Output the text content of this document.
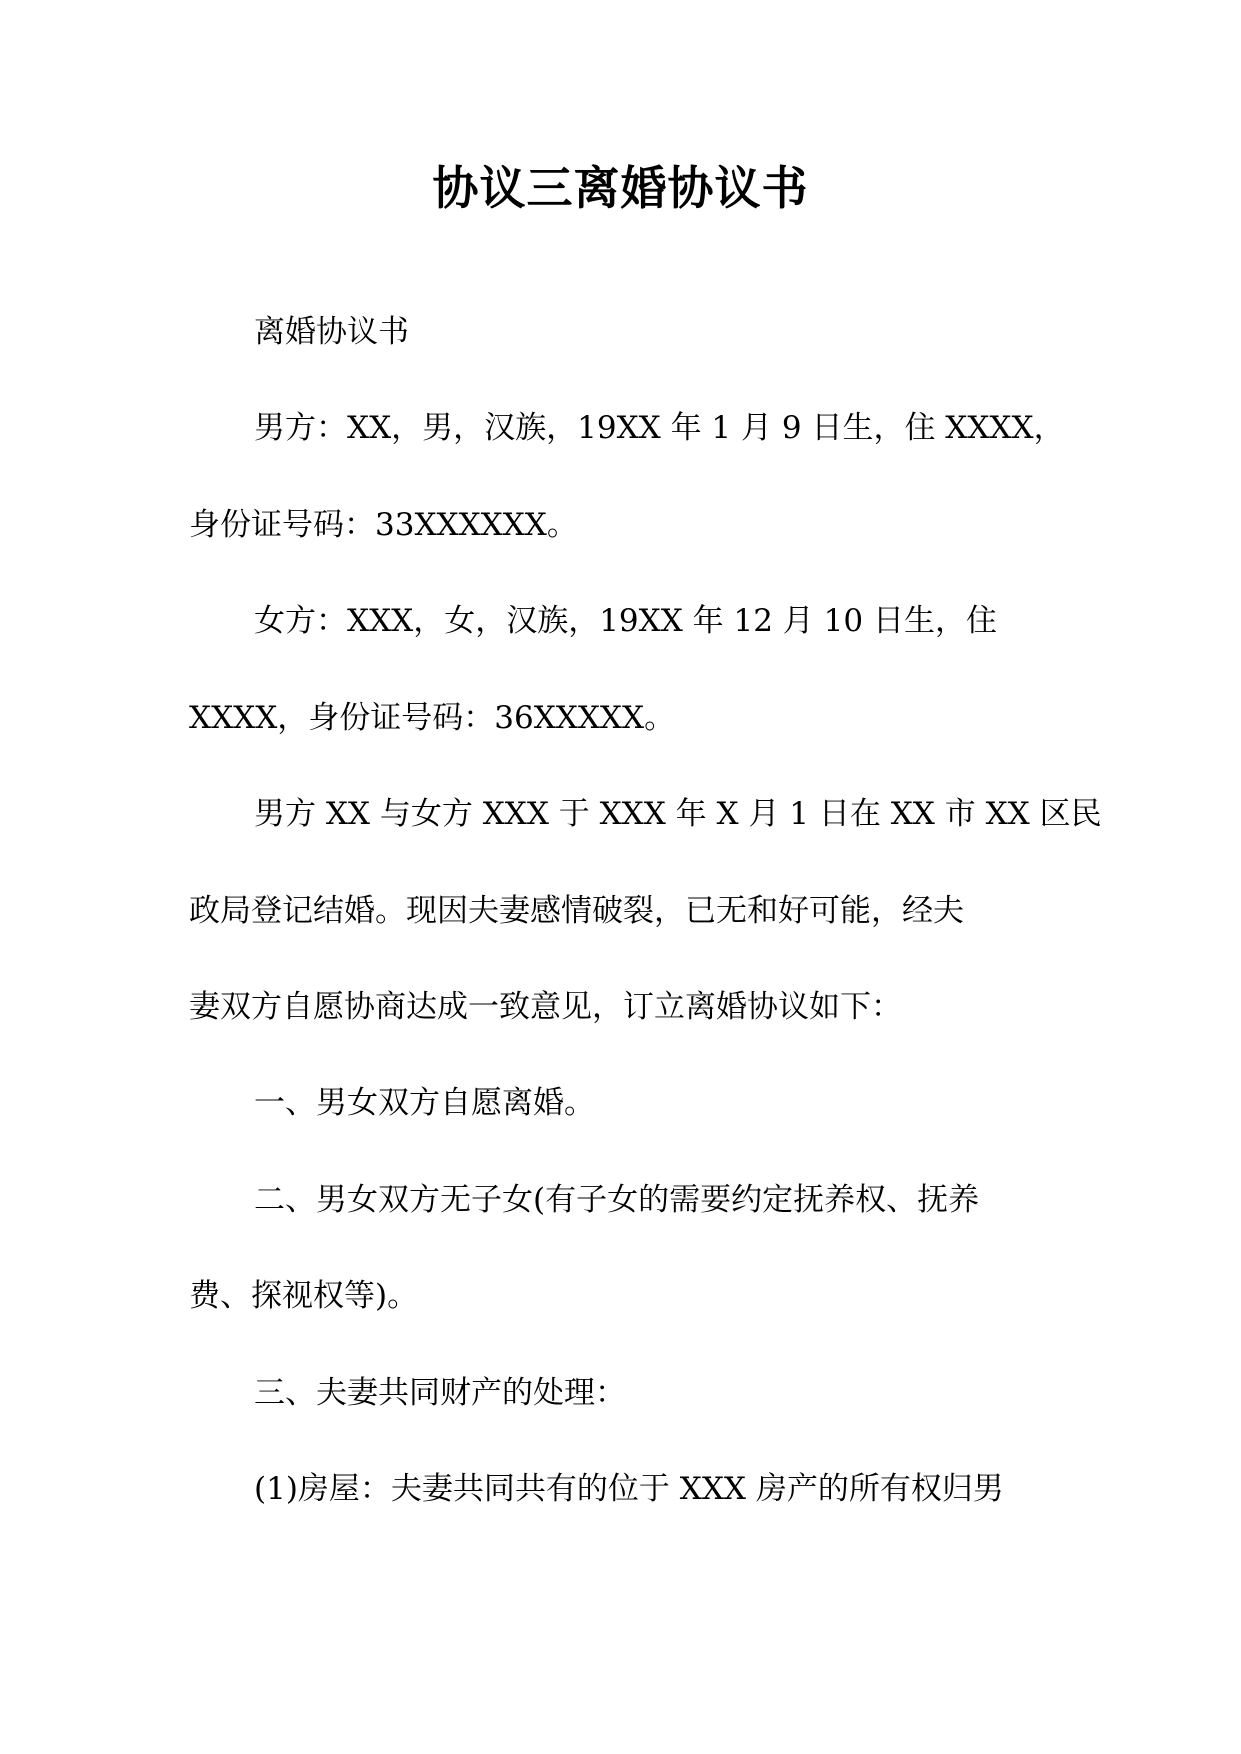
协议三离婚协议书
离婚协议书
男方：XX，男，汉族，19XX 年 1 月 9 日生，住 XXXX，
身份证号码：33XXXXXX。
女方：XXX，女，汉族，19XX 年 12 月 10 日生，住
XXXX，身份证号码：36XXXXX。
男方 XX 与女方 XXX 于 XXX 年 X 月 1 日在 XX 市 XX 区民
政局登记结婚。现因夫妻感情破裂，已无和好可能，经夫
妻双方自愿协商达成一致意见，订立离婚协议如下：
一、男女双方自愿离婚。
二、男女双方无子女(有子女的需要约定抚养权、抚养
费、探视权等)。
三、夫妻共同财产的处理：
(1)房屋：夫妻共同共有的位于 XXX 房产的所有权归男
